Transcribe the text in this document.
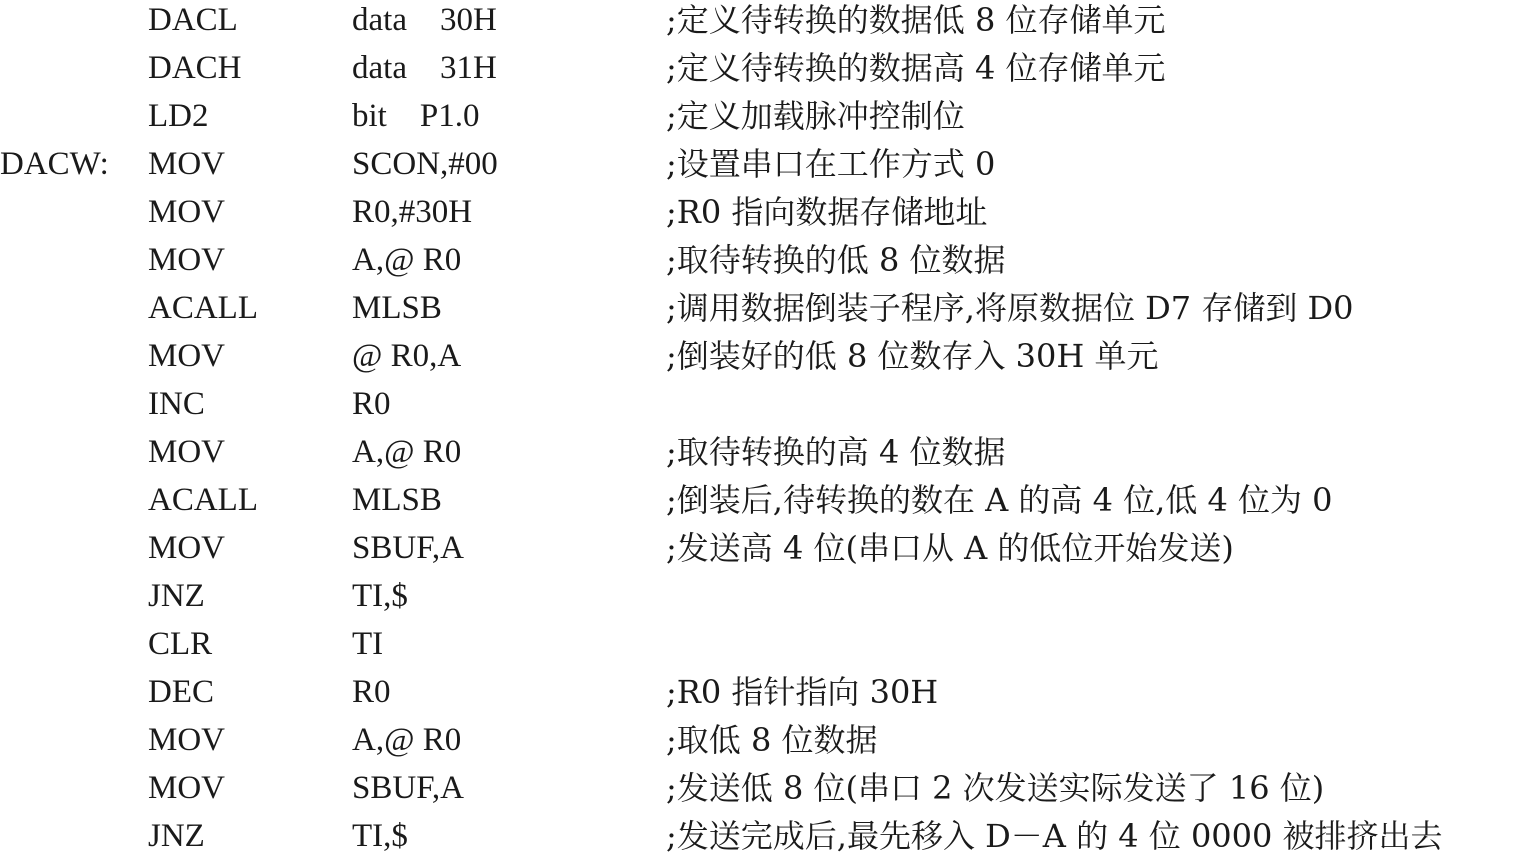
DACL	data    30H	;定义待转换的数据低 8 位存储单元
DACH	data    31H	;定义待转换的数据高 4 位存储单元
LD2	bit    P1.0	;定义加载脉冲控制位
DACW: MOV	SCON,#00	;设置串口在工作方式 0
MOV	R0,#30H	;R0 指向数据存储地址
MOV	A,@ R0	;取待转换的低 8 位数据
ACALL	MLSB	;调用数据倒装子程序,将原数据位 D7 存储到 D0
MOV	@ R0,A	;倒装好的低 8 位数存入 30H 单元
INC	R0
MOV	A,@ R0	;取待转换的高 4 位数据
ACALL	MLSB	;倒装后,待转换的数在 A 的高 4 位,低 4 位为 0
MOV	SBUF,A	;发送高 4 位(串口从 A 的低位开始发送)
JNZ	TI,$
CLR	TI
DEC	R0	;R0 指针指向 30H
MOV	A,@ R0	;取低 8 位数据
MOV	SBUF,A	;发送低 8 位(串口 2 次发送实际发送了 16 位)
JNZ	TI,$	;发送完成后,最先移入 D－A 的 4 位 0000 被排挤出去
